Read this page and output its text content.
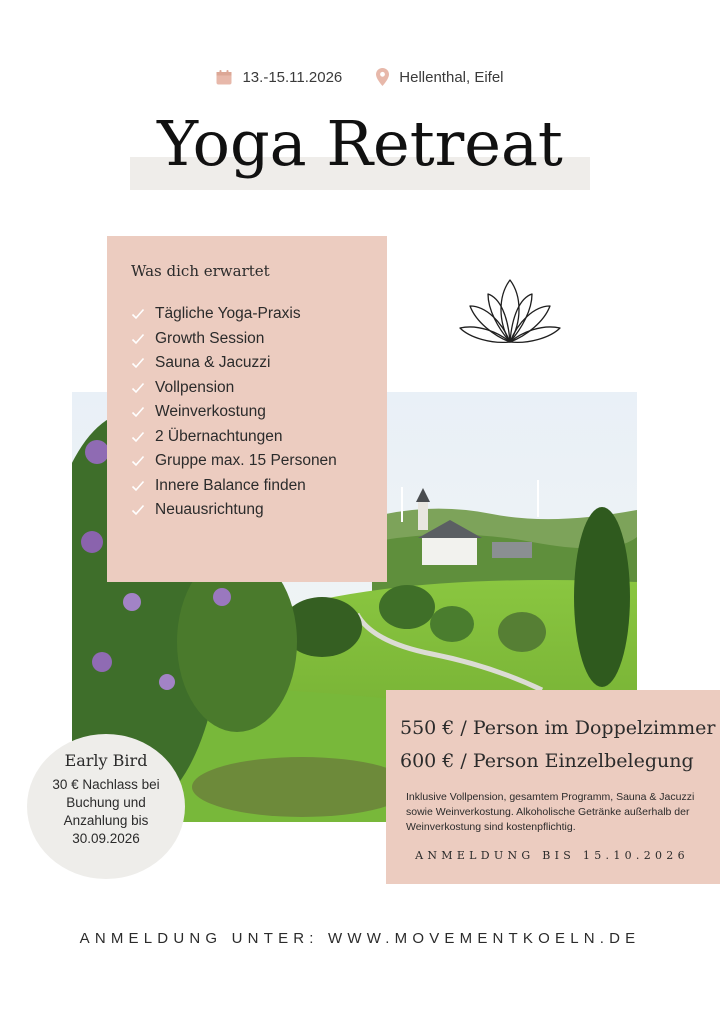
13.-15.11.2026	Hellenthal, Eifel
Yoga Retreat
Was dich erwartet
Tägliche Yoga-Praxis
Growth Session
Sauna & Jacuzzi
Vollpension
Weinverkostung
2 Übernachtungen
Gruppe max. 15 Personen
Innere Balance finden
Neuausrichtung
550 € / Person im Doppelzimmer
600 € / Person Einzelbelegung
Inklusive Vollpension, gesamtem Programm, Sauna & Jacuzzi sowie Weinverkostung. Alkoholische Getränke außerhalb der Weinverkostung sind kostenpflichtig.
ANMELDUNG BIS 15.10.2026
Early Bird
30 € Nachlass bei Buchung und Anzahlung bis 30.09.2026
ANMELDUNG UNTER: WWW.MOVEMENTKOELN.DE
